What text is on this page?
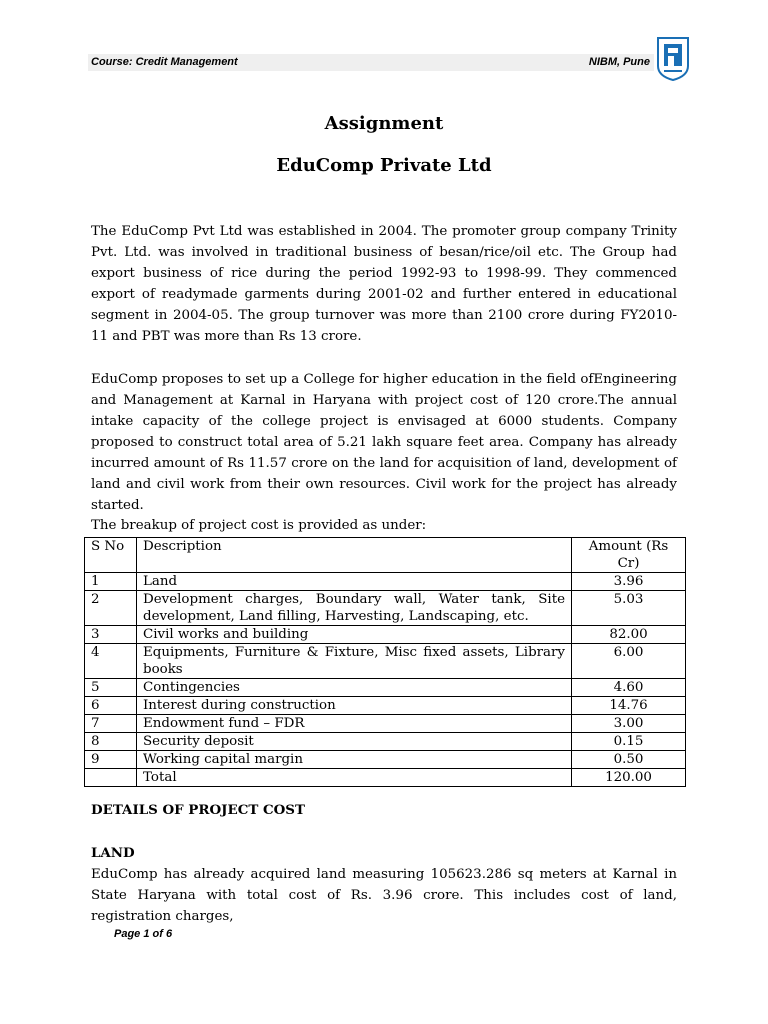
Course: Credit Management	NIBM, Pune
Assignment
EduComp Private Ltd

The EduComp Pvt Ltd was established in 2004. The promoter group company Trinity Pvt. Ltd. was involved in traditional business of besan/rice/oil etc. The Group had export business of rice during the period 1992-93 to 1998-99. They commenced export of readymade garments during 2001-02 and further entered in educational segment in 2004-05. The group turnover was more than 2100 crore during FY2010-11 and PBT was more than Rs 13 crore.

EduComp proposes to set up a College for higher education in the field ofEngineering and Management at Karnal in Haryana with project cost of 120 crore.The annual intake capacity of the college project is envisaged at 6000 students. Company proposed to construct total area of 5.21 lakh square feet area. Company has already incurred amount of Rs 11.57 crore on the land for acquisition of land, development of land and civil work from their own resources. Civil work for the project has already started.

The breakup of project cost is provided as under:
S No	Description	Amount (Rs Cr)
1	Land	3.96
2	Development charges, Boundary wall, Water tank, Site development, Land filling, Harvesting, Landscaping, etc.	5.03
3	Civil works and building	82.00
4	Equipments, Furniture & Fixture, Misc fixed assets, Library books	6.00
5	Contingencies	4.60
6	Interest during construction	14.76
7	Endowment fund – FDR	3.00
8	Security deposit	0.15
9	Working capital margin	0.50
	Total	120.00
DETAILS OF PROJECT COST
LAND

EduComp has already acquired land measuring 105623.286 sq meters at Karnal in State Haryana with total cost of Rs. 3.96 crore. This includes cost of land, registration charges,

Page 1 of 6
